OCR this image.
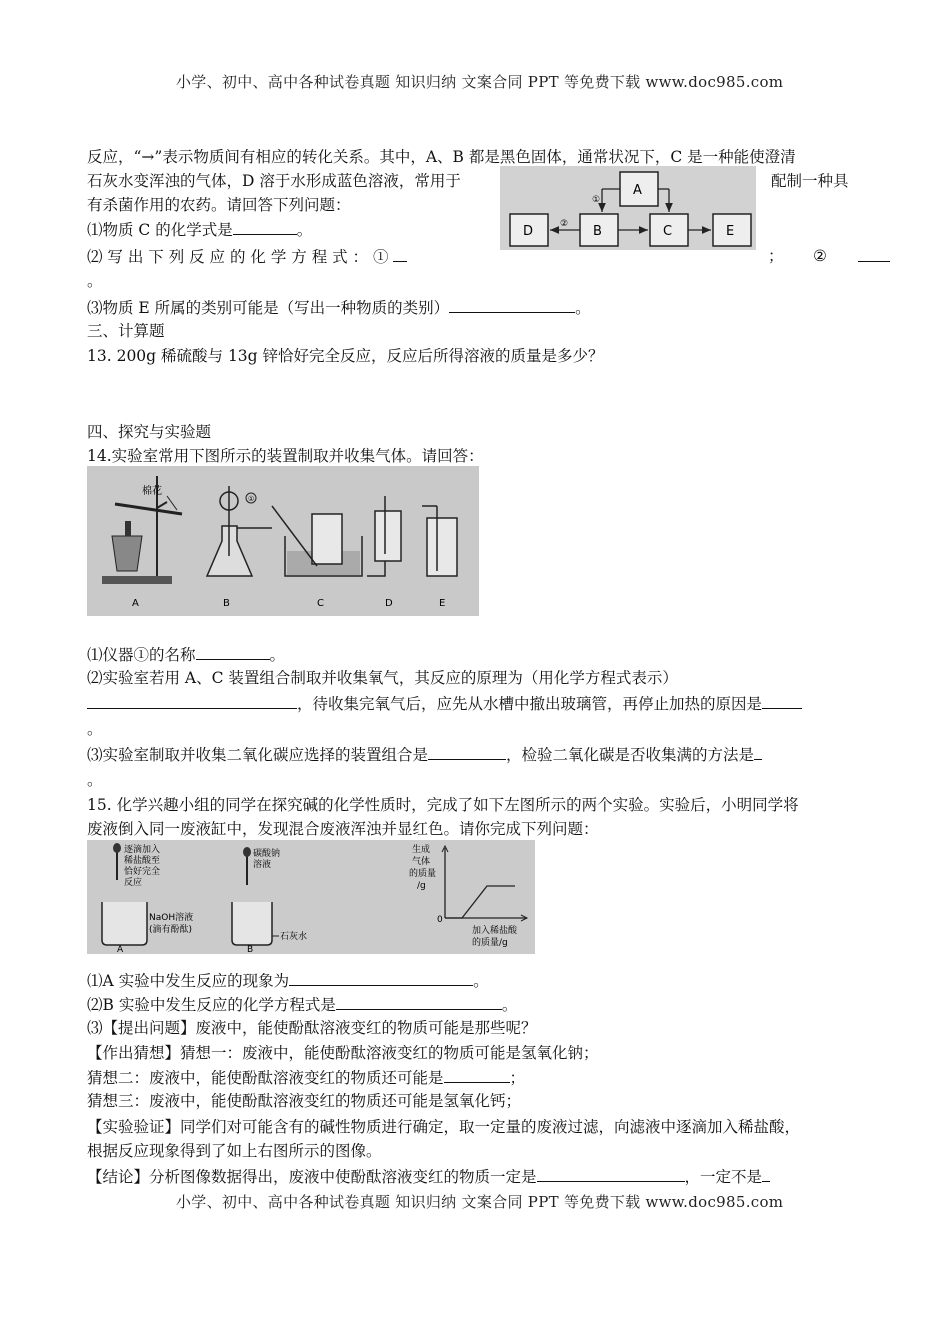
小学、初中、高中各种试卷真题 知识归纳 文案合同 PPT 等免费下载 www.doc985.com
反应，“→”表示物质间有相应的转化关系。其中，A、B 都是黑色固体，通常状况下，C 是一种能使澄清
石灰水变浑浊的气体，D 溶于水形成蓝色溶液，常用于	配制一种具
有杀菌作用的农药。请回答下列问题：
A
B
D	C	E
①
②
⑴物质 C 的化学式是	。
⑵ 写 出 下 列 反 应 的 化 学 方 程 式 ： ①	； ②
。
⑶物质 E 所属的类别可能是（写出一种物质的类别）	。
三、计算题
13. 200g 稀硫酸与 13g 锌恰好完全反应，反应后所得溶液的质量是多少？
四、探究与实验题
14.实验室常用下图所示的装置制取并收集气体。请回答：
棉花
A
①
B	C	D	E
⑴仪器①的名称	。
⑵实验室若用 A、C 装置组合制取并收集氧气，其反应的原理为（用化学方程式表示）
，待收集完氧气后，应先从水槽中撤出玻璃管，再停止加热的原因是
。
⑶实验室制取并收集二氧化碳应选择的装置组合是	，检验二氧化碳是否收集满的方法是
。
15. 化学兴趣小组的同学在探究碱的化学性质时，完成了如下左图所示的两个实验。实验后，小明同学将
废液倒入同一废液缸中，发现混合废液浑浊并显红色。请你完成下列问题：
逐滴加入
稀盐酸至
恰好完全
反应
NaOH溶液
(滴有酚酞)
A
碳酸钠
溶液
石灰水
B
生成
气体
的质量
/g
0
加入稀盐酸
的质量/g
⑴A 实验中发生反应的现象为	。
⑵B 实验中发生反应的化学方程式是	。
⑶【提出问题】废液中，能使酚酞溶液变红的物质可能是那些呢？
【作出猜想】猜想一：废液中，能使酚酞溶液变红的物质可能是氢氧化钠；
猜想二：废液中，能使酚酞溶液变红的物质还可能是	；
猜想三：废液中，能使酚酞溶液变红的物质还可能是氢氧化钙；
【实验验证】同学们对可能含有的碱性物质进行确定，取一定量的废液过滤，向滤液中逐滴加入稀盐酸，
根据反应现象得到了如上右图所示的图像。
【结论】分析图像数据得出，废液中使酚酞溶液变红的物质一定是	，一定不是
小学、初中、高中各种试卷真题 知识归纳 文案合同 PPT 等免费下载 www.doc985.com
